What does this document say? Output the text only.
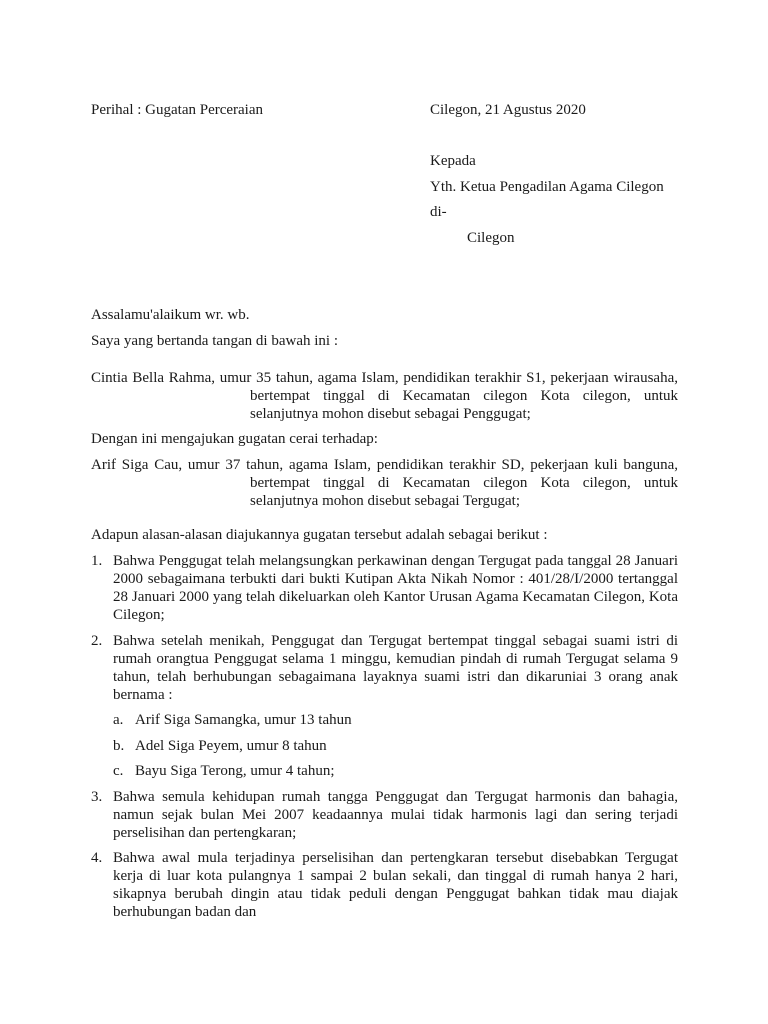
Perihal : Gugatan Perceraian	Cilegon, 21 Agustus 2020
Kepada
Yth. Ketua Pengadilan Agama Cilegon
di-
Cilegon
Assalamu'alaikum wr. wb.
Saya yang bertanda tangan di bawah ini :
Cintia Bella Rahma, umur 35 tahun, agama Islam, pendidikan terakhir S1, pekerjaan wirausaha,
bertempat tinggal di Kecamatan cilegon Kota cilegon, untuk selanjutnya mohon disebut sebagai Penggugat;
Dengan ini mengajukan gugatan cerai terhadap:
Arif Siga Cau, umur 37 tahun, agama Islam, pendidikan terakhir SD, pekerjaan kuli banguna,
bertempat tinggal di Kecamatan cilegon Kota cilegon, untuk selanjutnya mohon disebut sebagai Tergugat;
Adapun alasan-alasan diajukannya gugatan tersebut adalah sebagai berikut :
1. Bahwa Penggugat telah melangsungkan perkawinan dengan Tergugat pada tanggal 28 Januari 2000 sebagaimana terbukti dari bukti Kutipan Akta Nikah Nomor : 401/28/I/2000 tertanggal 28 Januari 2000 yang telah dikeluarkan oleh Kantor Urusan Agama Kecamatan Cilegon, Kota Cilegon;
2. Bahwa setelah menikah, Penggugat dan Tergugat bertempat tinggal sebagai suami istri di rumah orangtua Penggugat selama 1 minggu, kemudian pindah di rumah Tergugat selama 9 tahun, telah berhubungan sebagaimana layaknya suami istri dan dikaruniai 3 orang anak bernama :
a. Arif Siga Samangka, umur 13 tahun
b. Adel Siga Peyem, umur 8 tahun
c. Bayu Siga Terong, umur 4 tahun;
3. Bahwa semula kehidupan rumah tangga Penggugat dan Tergugat harmonis dan bahagia, namun sejak bulan Mei 2007 keadaannya mulai tidak harmonis lagi dan sering terjadi perselisihan dan pertengkaran;
4. Bahwa awal mula terjadinya perselisihan dan pertengkaran tersebut disebabkan Tergugat kerja di luar kota pulangnya 1 sampai 2 bulan sekali, dan tinggal di rumah hanya 2 hari, sikapnya berubah dingin atau tidak peduli dengan Penggugat bahkan tidak mau diajak berhubungan badan dan
